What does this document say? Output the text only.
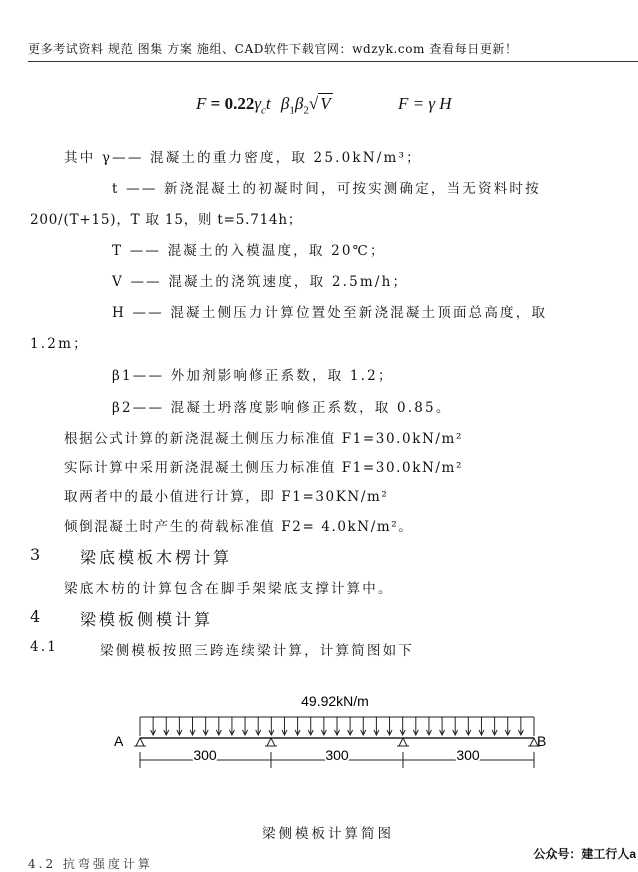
更多考试资料 规范 图集 方案 施组、CAD软件下载官网：wdzyk.com 查看每日更新！
$F = 0.22\gamma_ct$ $\beta_1\beta_2√$ V	F = γ H
其中 γ—— 混凝土的重力密度，取 25.0kN/m³；
t —— 新浇混凝土的初凝时间，可按实测确定，当无资料时按
200/(T+15)，T 取 15，则 t=5.714h；
T —— 混凝土的入模温度，取 20℃；
V —— 混凝土的浇筑速度，取 2.5m/h；
H —— 混凝土侧压力计算位置处至新浇混凝土顶面总高度，取
1.2m；
β1—— 外加剂影响修正系数，取 1.2；
β2—— 混凝土坍落度影响修正系数，取 0.85。
根据公式计算的新浇混凝土侧压力标准值 F1=30.0kN/m²
实际计算中采用新浇混凝土侧压力标准值 F1=30.0kN/m²
取两者中的最小值进行计算，即 F1=30KN/m²
倾倒混凝土时产生的荷载标准值 F2= 4.0kN/m²。
3 梁底模板木楞计算
梁底木枋的计算包含在脚手架梁底支撑计算中。
4 梁模板侧模计算
4.1	梁侧模板按照三跨连续梁计算，计算简图如下
49.92kN/m
A	B
300	300	300
梁侧模板计算简图
4.2 抗弯强度计算
公众号：建工行人a
